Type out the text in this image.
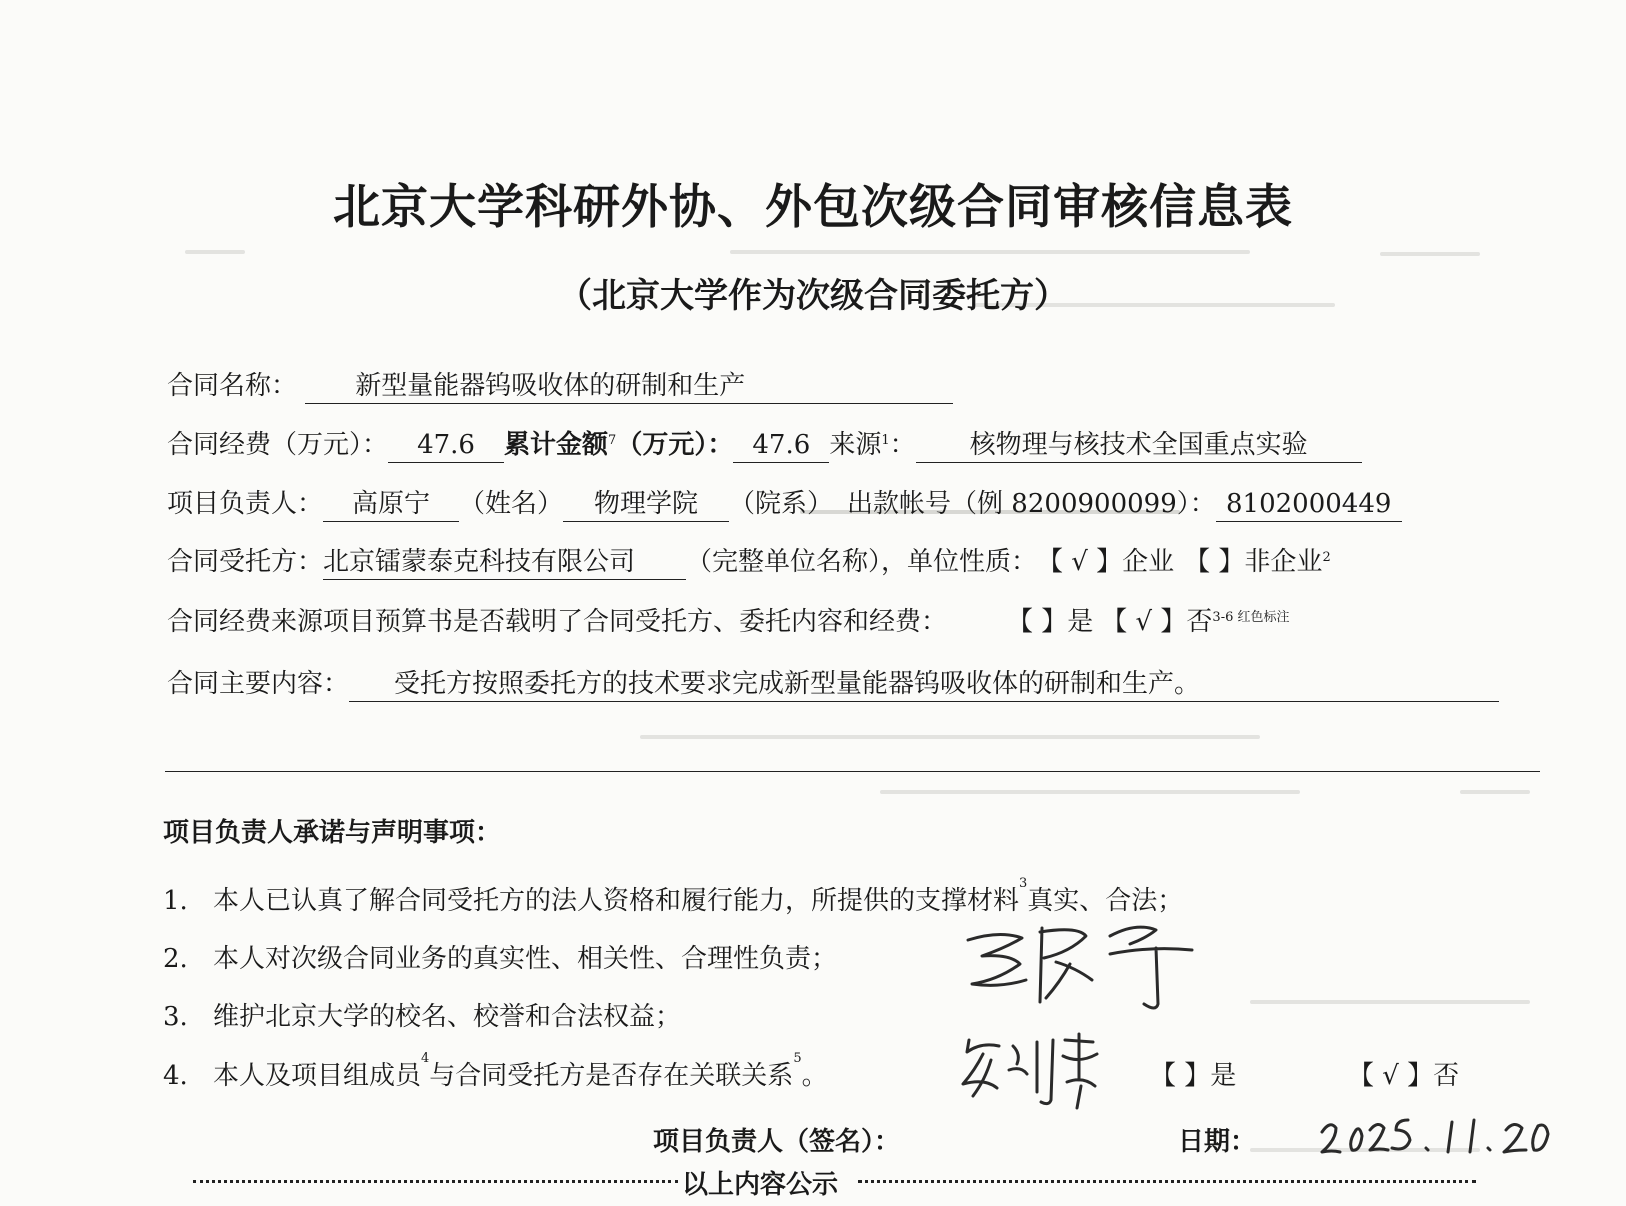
北京大学科研外协、外包次级合同审核信息表
（北京大学作为次级合同委托方）
合同名称： 新型量能器钨吸收体的研制和生产
合同经费（万元）： 47.6 累计金额$^7$（万元）： 47.6 来源$^1$： 核物理与核技术全国重点实验
项目负责人： 高原宁 （姓名） 物理学院 （院系） 出款帐号（例 8200900099）： 8102000449
合同受托方：北京镭蒙泰克科技有限公司 （完整单位名称），单位性质：【 √ 】企业 【 】非企业$^2$
合同经费来源项目预算书是否载明了合同受托方、委托内容和经费： 【 】是 【 √ 】否$^{3-6 红色标注}$
合同主要内容： 受托方按照委托方的技术要求完成新型量能器钨吸收体的研制和生产。
项目负责人承诺与声明事项：
1. 本人已认真了解合同受托方的法人资格和履行能力，所提供的支撑材料$^3$真实、合法；
2. 本人对次级合同业务的真实性、相关性、合理性负责；
3. 维护北京大学的校名、校誉和合法权益；
4. 本人及项目组成员$^4$与合同受托方是否存在关联关系$^5$。	【 】是	【 √ 】否
项目负责人（签名）：	日期：
以上内容公示
